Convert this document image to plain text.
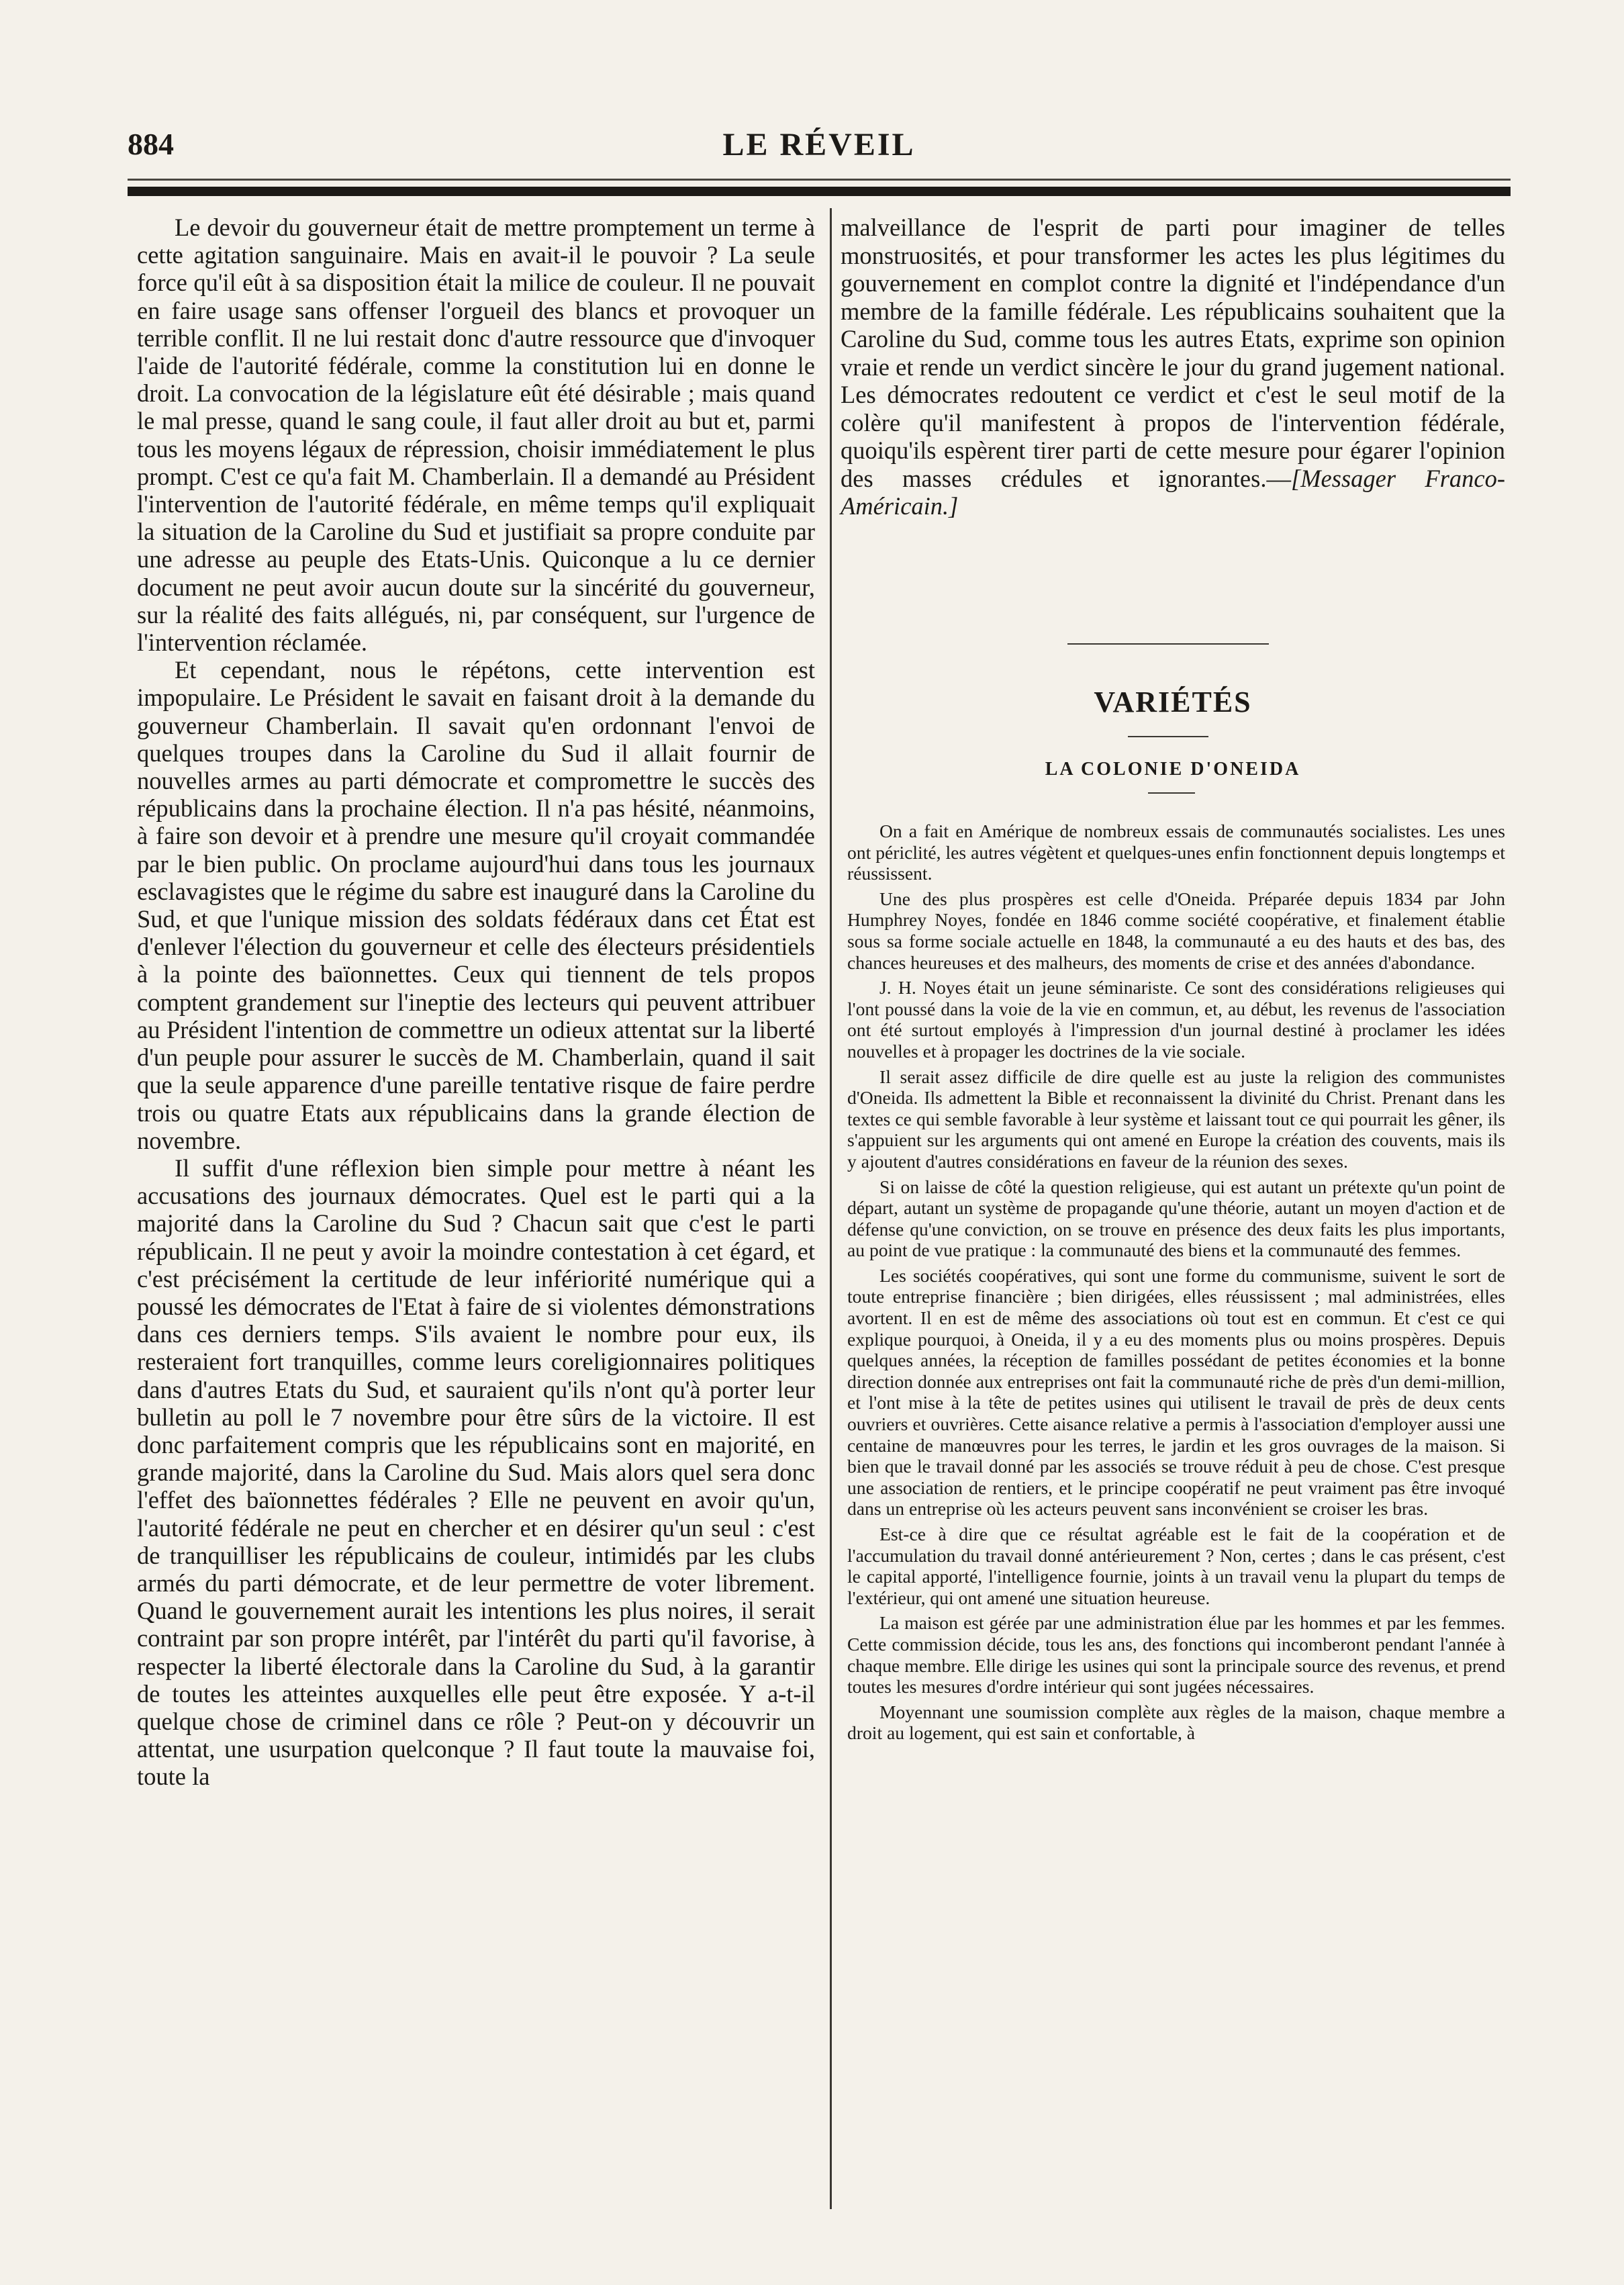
884	LE RÉVEIL

Le devoir du gouverneur était de mettre promptement un terme à cette agitation sanguinaire. Mais en avait-il le pouvoir ? La seule force qu'il eût à sa disposition était la milice de couleur. Il ne pouvait en faire usage sans offenser l'orgueil des blancs et provoquer un terrible conflit. Il ne lui restait donc d'autre ressource que d'invoquer l'aide de l'autorité fédérale, comme la constitution lui en donne le droit. La convocation de la législature eût été désirable ; mais quand le mal presse, quand le sang coule, il faut aller droit au but et, parmi tous les moyens légaux de répression, choisir immédiatement le plus prompt. C'est ce qu'a fait M. Chamberlain. Il a demandé au Président l'intervention de l'autorité fédérale, en même temps qu'il expliquait la situation de la Caroline du Sud et justifiait sa propre conduite par une adresse au peuple des Etats-Unis. Quiconque a lu ce dernier document ne peut avoir aucun doute sur la sincérité du gouverneur, sur la réalité des faits allégués, ni, par conséquent, sur l'urgence de l'intervention réclamée.

Et cependant, nous le répétons, cette intervention est impopulaire. Le Président le savait en faisant droit à la demande du gouverneur Chamberlain. Il savait qu'en ordonnant l'envoi de quelques troupes dans la Caroline du Sud il allait fournir de nouvelles armes au parti démocrate et compromettre le succès des républicains dans la prochaine élection. Il n'a pas hésité, néanmoins, à faire son devoir et à prendre une mesure qu'il croyait commandée par le bien public. On proclame aujourd'hui dans tous les journaux esclavagistes que le régime du sabre est inauguré dans la Caroline du Sud, et que l'unique mission des soldats fédéraux dans cet État est d'enlever l'élection du gouverneur et celle des électeurs présidentiels à la pointe des baïonnettes. Ceux qui tiennent de tels propos comptent grandement sur l'ineptie des lecteurs qui peuvent attribuer au Président l'intention de commettre un odieux attentat sur la liberté d'un peuple pour assurer le succès de M. Chamberlain, quand il sait que la seule apparence d'une pareille tentative risque de faire perdre trois ou quatre Etats aux républicains dans la grande élection de novembre.

Il suffit d'une réflexion bien simple pour mettre à néant les accusations des journaux démocrates. Quel est le parti qui a la majorité dans la Caroline du Sud ? Chacun sait que c'est le parti républicain. Il ne peut y avoir la moindre contestation à cet égard, et c'est précisément la certitude de leur infériorité numérique qui a poussé les démocrates de l'Etat à faire de si violentes démonstrations dans ces derniers temps. S'ils avaient le nombre pour eux, ils resteraient fort tranquilles, comme leurs coreligionnaires politiques dans d'autres Etats du Sud, et sauraient qu'ils n'ont qu'à porter leur bulletin au poll le 7 novembre pour être sûrs de la victoire. Il est donc parfaitement compris que les républicains sont en majorité, en grande majorité, dans la Caroline du Sud. Mais alors quel sera donc l'effet des baïonnettes fédérales ? Elle ne peuvent en avoir qu'un, l'autorité fédérale ne peut en chercher et en désirer qu'un seul : c'est de tranquilliser les républicains de couleur, intimidés par les clubs armés du parti démocrate, et de leur permettre de voter librement. Quand le gouvernement aurait les intentions les plus noires, il serait contraint par son propre intérêt, par l'intérêt du parti qu'il favorise, à respecter la liberté électorale dans la Caroline du Sud, à la garantir de toutes les atteintes auxquelles elle peut être exposée. Y a-t-il quelque chose de criminel dans ce rôle ? Peut-on y découvrir un attentat, une usurpation quelconque ? Il faut toute la mauvaise foi, toute la

malveillance de l'esprit de parti pour imaginer de telles monstruosités, et pour transformer les actes les plus légitimes du gouvernement en complot contre la dignité et l'indépendance d'un membre de la famille fédérale. Les républicains souhaitent que la Caroline du Sud, comme tous les autres Etats, exprime son opinion vraie et rende un verdict sincère le jour du grand jugement national. Les démocrates redoutent ce verdict et c'est le seul motif de la colère qu'il manifestent à propos de l'intervention fédérale, quoiqu'ils espèrent tirer parti de cette mesure pour égarer l'opinion des masses crédules et ignorantes.—[Messager Franco-Américain.]

VARIÉTÉS
LA COLONIE D'ONEIDA

On a fait en Amérique de nombreux essais de communautés socialistes. Les unes ont périclité, les autres végètent et quelques-unes enfin fonctionnent depuis longtemps et réussissent.

Une des plus prospères est celle d'Oneida. Préparée depuis 1834 par John Humphrey Noyes, fondée en 1846 comme société coopérative, et finalement établie sous sa forme sociale actuelle en 1848, la communauté a eu des hauts et des bas, des chances heureuses et des malheurs, des moments de crise et des années d'abondance.

J. H. Noyes était un jeune séminariste. Ce sont des considérations religieuses qui l'ont poussé dans la voie de la vie en commun, et, au début, les revenus de l'association ont été surtout employés à l'impression d'un journal destiné à proclamer les idées nouvelles et à propager les doctrines de la vie sociale.

Il serait assez difficile de dire quelle est au juste la religion des communistes d'Oneida. Ils admettent la Bible et reconnaissent la divinité du Christ. Prenant dans les textes ce qui semble favorable à leur système et laissant tout ce qui pourrait les gêner, ils s'appuient sur les arguments qui ont amené en Europe la création des couvents, mais ils y ajoutent d'autres considérations en faveur de la réunion des sexes.

Si on laisse de côté la question religieuse, qui est autant un prétexte qu'un point de départ, autant un système de propagande qu'une théorie, autant un moyen d'action et de défense qu'une conviction, on se trouve en présence des deux faits les plus importants, au point de vue pratique : la communauté des biens et la communauté des femmes.

Les sociétés coopératives, qui sont une forme du communisme, suivent le sort de toute entreprise financière ; bien dirigées, elles réussissent ; mal administrées, elles avortent. Il en est de même des associations où tout est en commun. Et c'est ce qui explique pourquoi, à Oneida, il y a eu des moments plus ou moins prospères. Depuis quelques années, la réception de familles possédant de petites économies et la bonne direction donnée aux entreprises ont fait la communauté riche de près d'un demi-million, et l'ont mise à la tête de petites usines qui utilisent le travail de près de deux cents ouvriers et ouvrières. Cette aisance relative a permis à l'association d'employer aussi une centaine de manœuvres pour les terres, le jardin et les gros ouvrages de la maison. Si bien que le travail donné par les associés se trouve réduit à peu de chose. C'est presque une association de rentiers, et le principe coopératif ne peut vraiment pas être invoqué dans un entreprise où les acteurs peuvent sans inconvénient se croiser les bras.

Est-ce à dire que ce résultat agréable est le fait de la coopération et de l'accumulation du travail donné antérieurement ? Non, certes ; dans le cas présent, c'est le capital apporté, l'intelligence fournie, joints à un travail venu la plupart du temps de l'extérieur, qui ont amené une situation heureuse.

La maison est gérée par une administration élue par les hommes et par les femmes. Cette commission décide, tous les ans, des fonctions qui incomberont pendant l'année à chaque membre. Elle dirige les usines qui sont la principale source des revenus, et prend toutes les mesures d'ordre intérieur qui sont jugées nécessaires.

Moyennant une soumission complète aux règles de la maison, chaque membre a droit au logement, qui est sain et confortable, à
